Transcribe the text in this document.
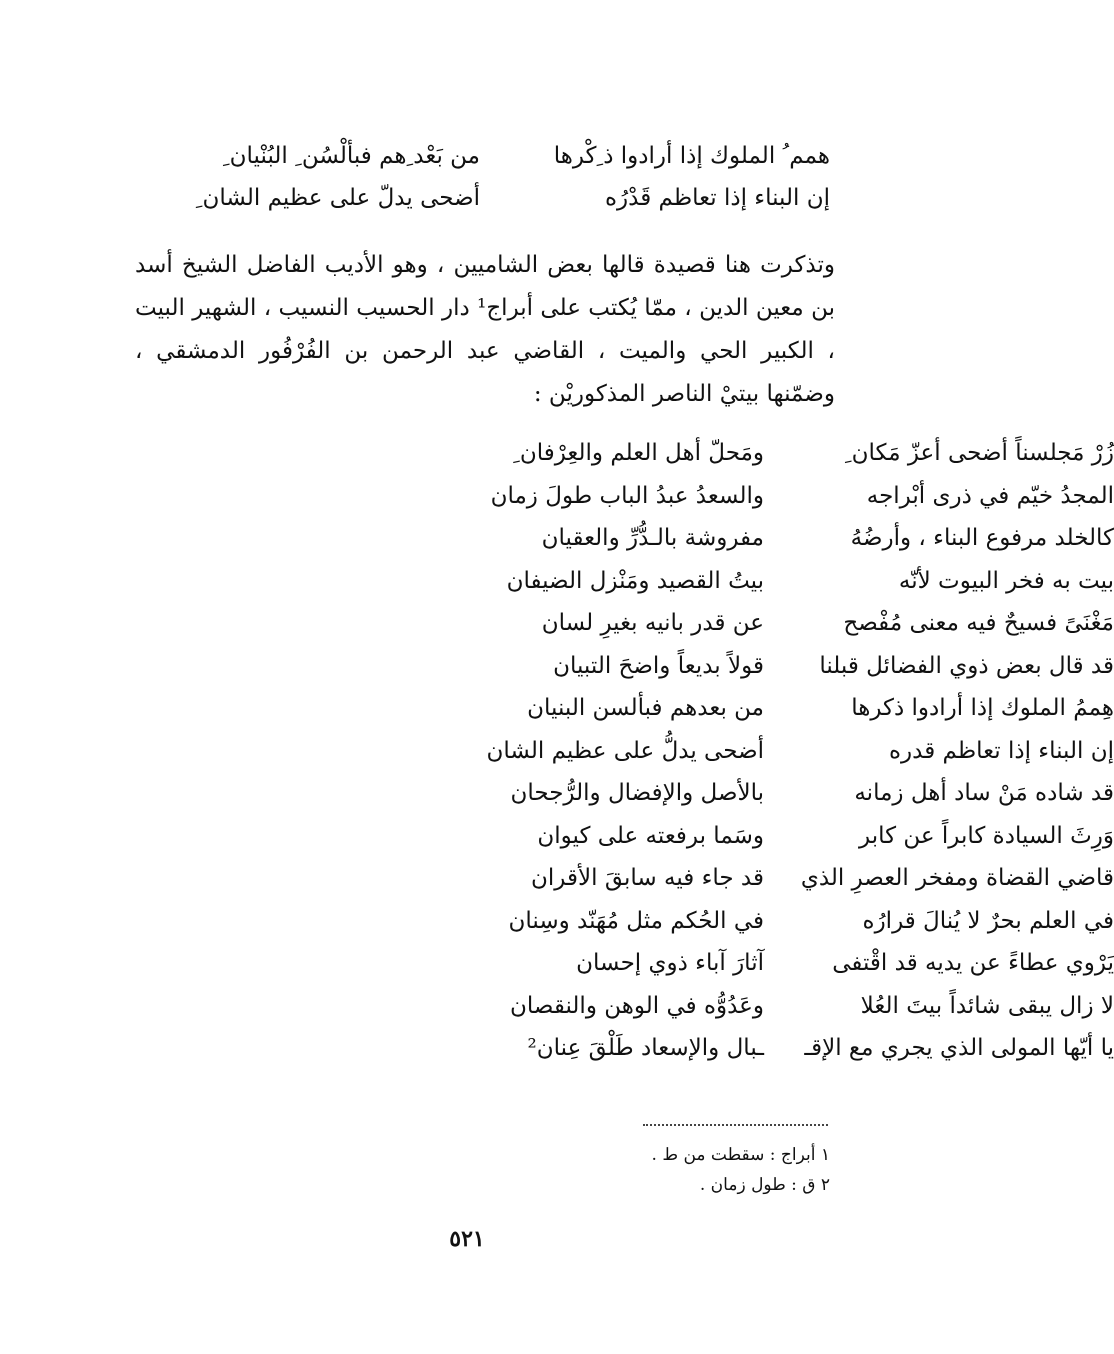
همم ُ الملوك إذا أرادوا ذ ِكْرها
من بَعْد ِهم فبألْسُن ِ البُنْيان ِ
إن البناء إذا تعاظم قَدْرُه
أضحى يدلّ على عظيم الشان ِ
وتذكرت هنا قصيدة قالها بعض الشاميين ، وهو الأديب الفاضل الشيخ أسد بن معين الدين ، ممّا يُكتب على أبراج¹ دار الحسيب النسيب ، الشهير البيت ، الكبير الحي والميت ، القاضي عبد الرحمن بن الفُرْفُور الدمشقي ، وضمّنها بيتيْ الناصر المذكوريْن :
زُرْ مَجلسناً أضحى أعزّ مَكان ِ
ومَحلّ أهل العلم والعِرْفان ِ
المجدُ خيّم في ذرى أبْراجه
والسعدُ عبدُ الباب طولَ زمان
كالخلد مرفوع البناء ، وأرضُهُ
مفروشة بالـدُّرِّ والعقيان
بيت به فخر البيوت لأنّه
بيتُ القصيد ومَنْزل الضيفان
مَغْنَىً فسيحٌ فيه معنى مُفْصح
عن قدر بانيه بغيرِ لسان
قد قال بعض ذوي الفضائل قبلنا
قولاً بديعاً واضحَ التبيان
هِممُ الملوك إذا أرادوا ذكرها
من بعدهم فبألسن البنيان
إن البناء إذا تعاظم قدره
أضحى يدلُّ على عظيم الشان
قد شاده مَنْ ساد أهل زمانه
بالأصل والإفضال والرُّجحان
وَرِثَ السيادة كابراً عن كابر
وسَما برفعته على كيوان
قاضي القضاة ومفخر العصرِ الذي
قد جاء فيه سابقَ الأقران
في العلم بحرٌ لا يُنالَ قرارُه
في الحُكم مثل مُهَنّد وسِنان
يَرْوي عطاءً عن يديه قد اقْتفى
آثارَ آباء ذوي إحسان
لا زال يبقى شائداً بيتَ العُلا
وعَدُوُّه في الوهن والنقصان
يا أيّها المولى الذي يجري مع الإقـ
ـبال والإسعاد طَلْقَ عِنان²
١ أبراج : سقطت من ط .
٢ ق : طول زمان .
٥٢١
